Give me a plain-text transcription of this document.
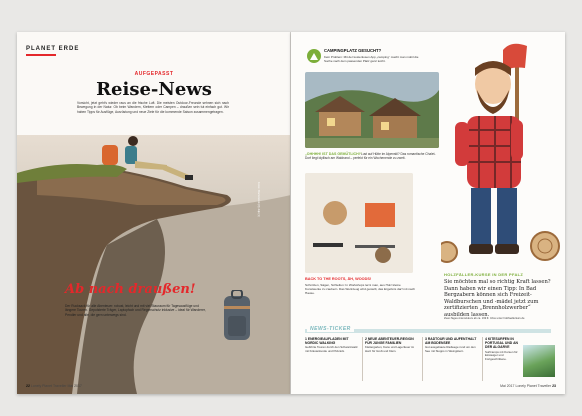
PLANET ERDE
AUFGEPASST
Reise-News
Vorsicht, jetzt geht's wieder raus an die frische Luft. Die meisten Outdoor-Freunde sehnen sich nach Bewegung in der Natur. Ob beim Wandern, Klettern oder Campen – draußen sein tut einfach gut. Wir haben Tipps für Ausflüge, Ausrüstung und neue Ziele für die kommende Saison zusammengetragen.
Ab nach draußen!
Der Rucksack für alle Abenteuer: robust, leicht und mit viel Stauraum für Tagesausflüge und längere Touren. Gepolsterte Träger, Laptopfach und Regenschutz inklusive – ideal für Wanderer, Pendler und alle, die gern unterwegs sind.
Fotos: Shutterstock (3); ddp (1)
22 Lonely Planet Traveller Mai 2017
CAMPINGPLATZ GESUCHT?
Kein Problem: Mit der kostenlosen App „camping“ macht man mobil die Suche nach dem passenden Platz ganz leicht.
Lust auf Hütte im Alpenstil? Das romantische Chalet-Dorf liegt idyllisch am Waldrand – perfekt für ein Wochenende zu zweit.
„OHHHH! IST DAS GEMÜTLICH!“
BACK TO THE ROOTS, ÄH, WOODS!
Schnitzen, Sägen, Schleifen: In Workshops lernt man, aus Holz kleine Kunstwerke zu zaubern. Das Werkzeug wird gestellt, das Ergebnis darf mit nach Hause.
HOLZFÄLLER-KURSE IN DER PFALZ
Sie möchten mal so richtig Kraft lassen? Dann haben wir einen Tipp: In Bad Bergzabern können sich Freizeit-Waldburschen und -mädel jetzt zum zertifizierten „Brennholzwerber“ ausbilden lassen.
Zwei-Tages-Intensivkurs ab ca. 199 €. Infos unter holzfaellerkurs.de
NEWS-TICKER
1 ENERGIEAUFLADEN MIT NORDIC WALKING
Geführte Touren durch den Schwarzwald mit Kräuterkunde und Picknick.
2 NEUE ABENTEUER-REGION FÜR JUNGE FAMILIEN
Klettergarten, Kanu und Lagerfeuer im Harz für Groß und Klein.
3 RADTOUR UND AUFENTHALT AM BODENSEE
Gut ausgebaute Radwege rund um den See mit Stopps in Weingütern.
4 KITESURFEN IN PORTUGAL UND AN DER ALGARVE
Surfcamps mit Kursen für Einsteiger und Fortgeschrittene.
Mai 2017 Lonely Planet Traveller 23
